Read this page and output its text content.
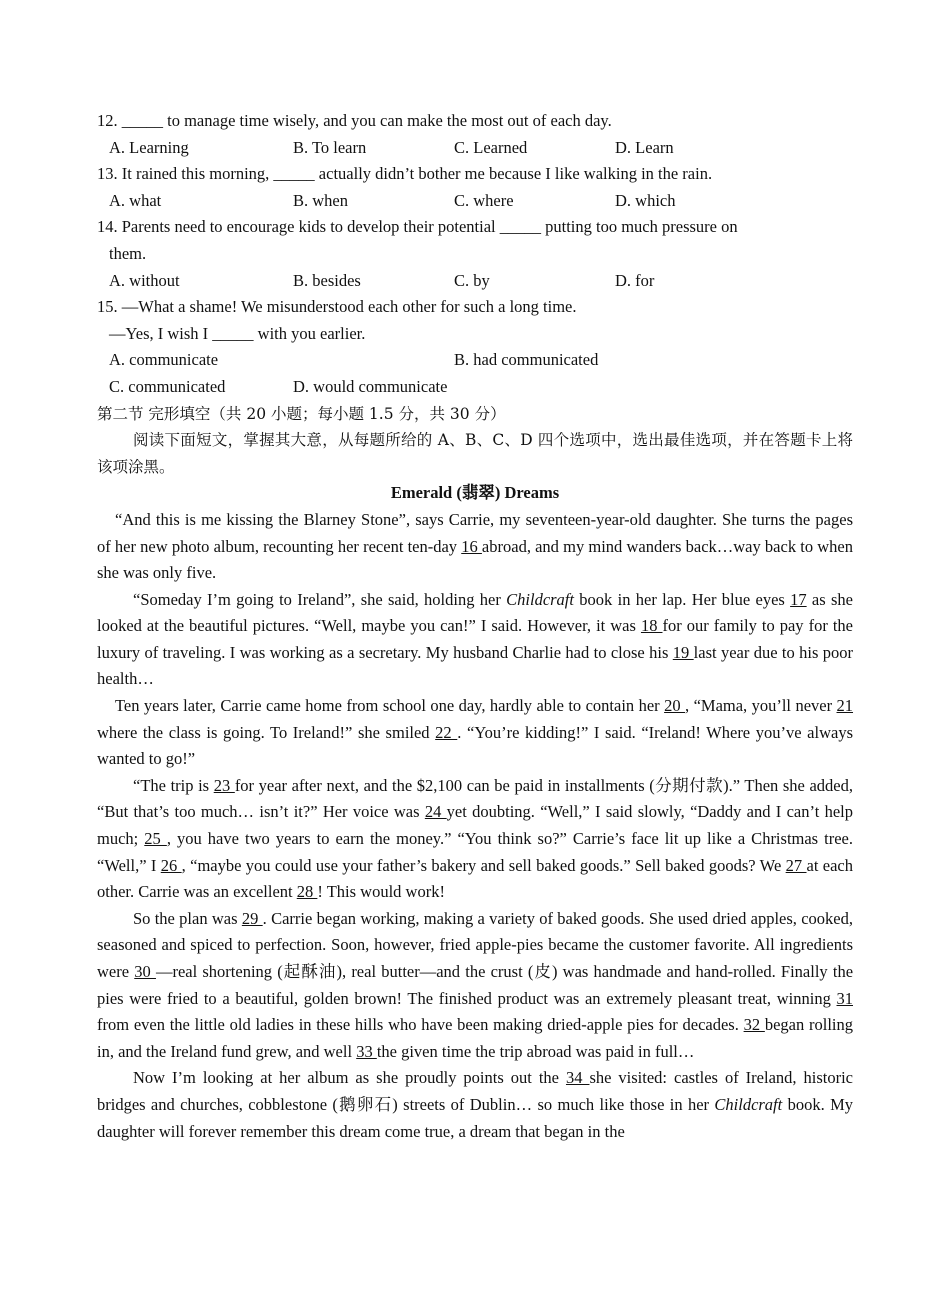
12. _____ to manage time wisely, and you can make the most out of each day.
A. Learning	B. To learn	C. Learned	D. Learn
13. It rained this morning, _____ actually didn’t bother me because I like walking in the rain.
A. what	B. when	C. where	D. which
14. Parents need to encourage kids to develop their potential _____ putting too much pressure on
them.
A. without	B. besides	C. by	D. for
15. —What a shame! We misunderstood each other for such a long time.
—Yes, I wish I _____ with you earlier.
A. communicate	B. had communicated
C. communicated	D. would communicate
第二节 完形填空（共 20 小题；每小题 1.5 分，共 30 分）
阅读下面短文，掌握其大意，从每题所给的 A、B、C、D 四个选项中，选出最佳选项，并在答题卡上将该项涂黑。
Emerald (翡翠) Dreams
“And this is me kissing the Blarney Stone”, says Carrie, my seventeen-year-old daughter. She turns the pages of her new photo album, recounting her recent ten-day 16 abroad, and my mind wanders back…way back to when she was only five.
“Someday I’m going to Ireland”, she said, holding her Childcraft book in her lap. Her blue eyes 17 as she looked at the beautiful pictures. “Well, maybe you can!” I said. However, it was 18 for our family to pay for the luxury of traveling. I was working as a secretary. My husband Charlie had to close his 19 last year due to his poor health…
Ten years later, Carrie came home from school one day, hardly able to contain her 20 , “Mama, you’ll never 21 where the class is going. To Ireland!” she smiled 22 . “You’re kidding!” I said. “Ireland! Where you’ve always wanted to go!”
“The trip is 23 for year after next, and the $2,100 can be paid in installments (分期付款).” Then she added, “But that’s too much… isn’t it?” Her voice was 24 yet doubting. “Well,” I said slowly, “Daddy and I can’t help much; 25 , you have two years to earn the money.” “You think so?” Carrie’s face lit up like a Christmas tree. “Well,” I 26 , “maybe you could use your father’s bakery and sell baked goods.” Sell baked goods? We 27 at each other. Carrie was an excellent 28 ! This would work!
So the plan was 29 . Carrie began working, making a variety of baked goods. She used dried apples, cooked, seasoned and spiced to perfection. Soon, however, fried apple-pies became the customer favorite. All ingredients were 30 —real shortening (起酥油), real butter—and the crust (皮) was handmade and hand-rolled. Finally the pies were fried to a beautiful, golden brown! The finished product was an extremely pleasant treat, winning 31 from even the little old ladies in these hills who have been making dried-apple pies for decades. 32 began rolling in, and the Ireland fund grew, and well 33 the given time the trip abroad was paid in full…
Now I’m looking at her album as she proudly points out the 34 she visited: castles of Ireland, historic bridges and churches, cobblestone (鹅卵石) streets of Dublin… so much like those in her Childcraft book. My daughter will forever remember this dream come true, a dream that began in the
